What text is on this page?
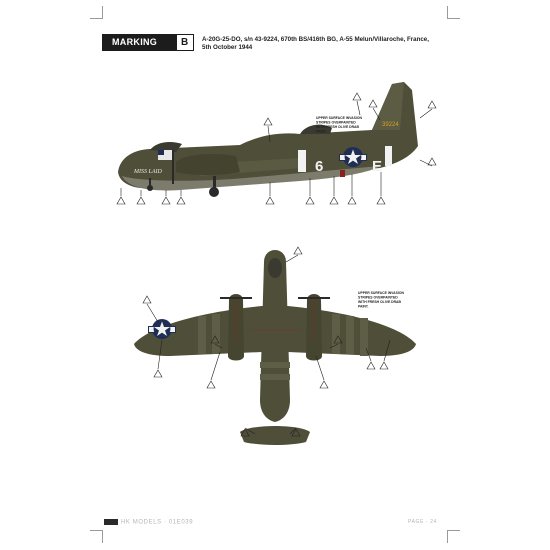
MARKING B A-20G-25-DO, s/n 43-9224, 670th BS/416th BG, A-55 Melun/Villaroche, France, 5th October 1944
6	E
39224
MISS LAID
UPPER SURFACE INVASION STRIPES OVERPAINTED WITH FRESH OLIVE DRAB PAINT.
UPPER SURFACE INVASION STRIPES OVERPAINTED WITH FRESH OLIVE DRAB PAINT.
HK MODELS · 01E039	PAGE · 24
